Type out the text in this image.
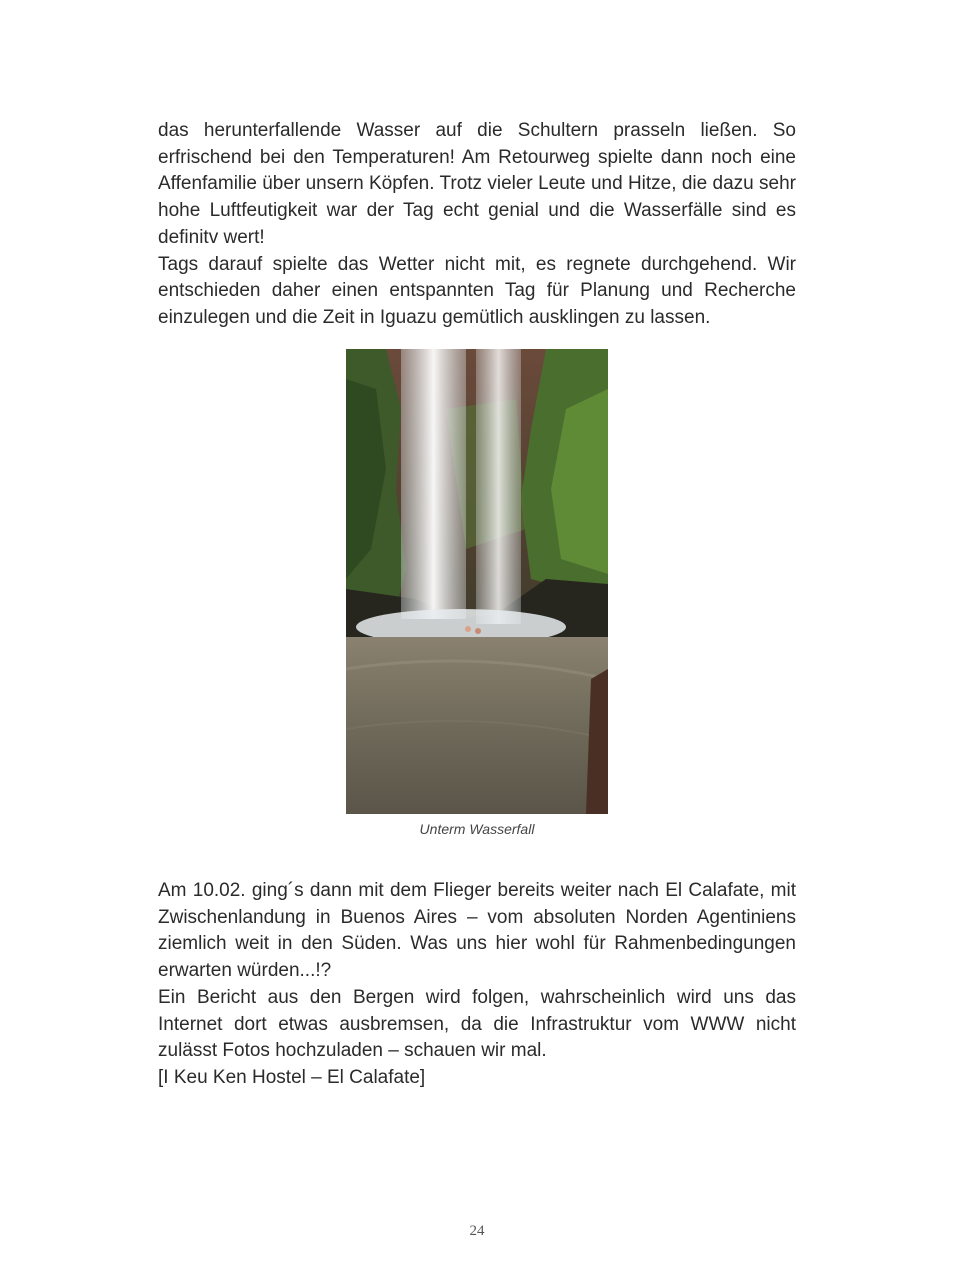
das herunterfallende Wasser auf die Schultern prasseln ließen. So erfrischend bei den Temperaturen! Am Retourweg spielte dann noch eine Affenfamilie über unsern Köpfen. Trotz vieler Leute und Hitze, die dazu sehr hohe Luftfeutigkeit war der Tag echt genial und die Wasserfälle sind es definitv wert!

Tags darauf spielte das Wetter nicht mit, es regnete durchgehend. Wir entschieden daher einen entspannten Tag für Planung und Recherche einzulegen und die Zeit in Iguazu gemütlich ausklingen zu lassen.

Unterm Wasserfall

Am 10.02. ging´s dann mit dem Flieger bereits weiter nach El Calafate, mit Zwischenlandung in Buenos Aires – vom absoluten Norden Agentiniens ziemlich weit in den Süden. Was uns hier wohl für Rahmenbedingungen erwarten würden...!?

Ein Bericht aus den Bergen wird folgen, wahrscheinlich wird uns das Internet dort etwas ausbremsen, da die Infrastruktur vom WWW nicht zulässt Fotos hochzuladen – schauen wir mal.

[I Keu Ken Hostel – El Calafate]

24
